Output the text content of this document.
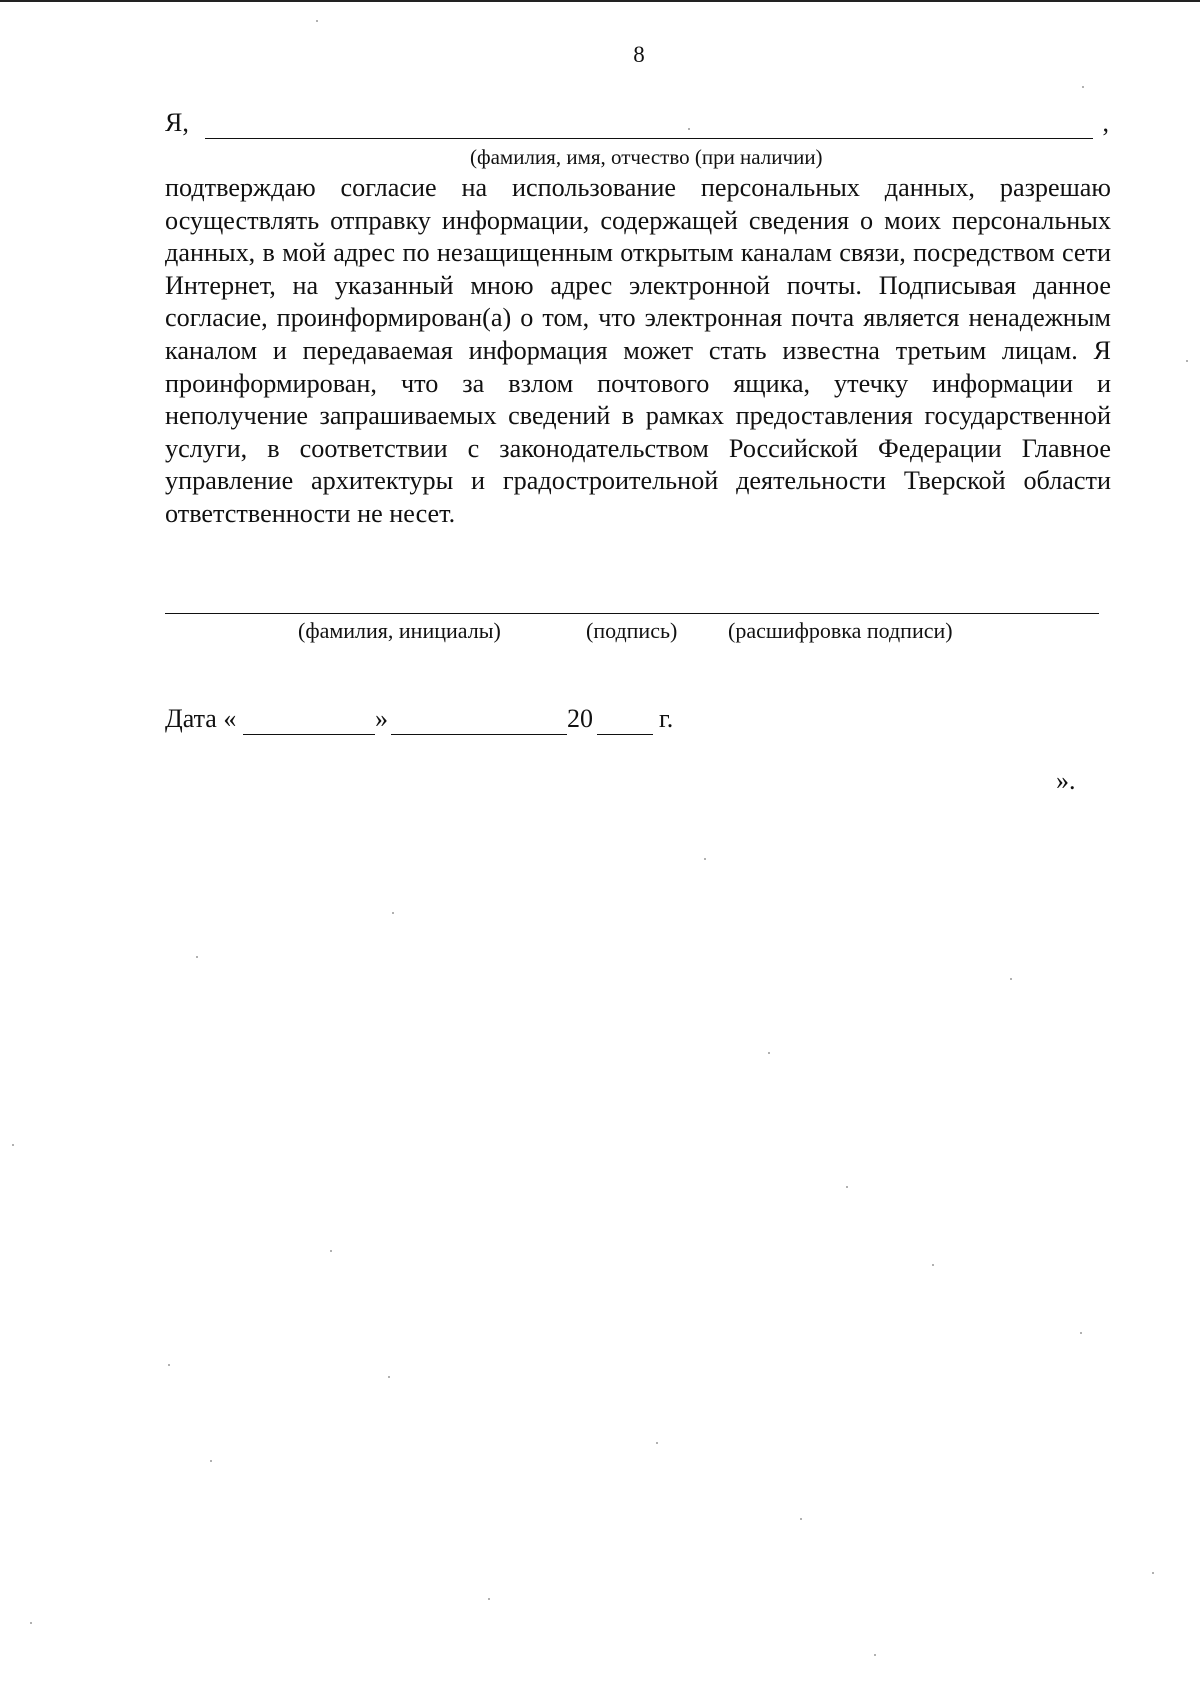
8
Я,	,
(фамилия, имя, отчество (при наличии)

подтверждаю согласие на использование персональных данных, разрешаю осуществлять отправку информации, содержащей сведения о моих персональных данных, в мой адрес по незащищенным открытым каналам связи, посредством сети Интернет, на указанный мною адрес электронной почты. Подписывая данное согласие, проинформирован(а) о том, что электронная почта является ненадежным каналом и передаваемая информация может стать известна третьим лицам. Я проинформирован, что за взлом почтового ящика, утечку информации и неполучение запрашиваемых сведений в рамках предоставления государственной услуги, в соответствии с законодательством Российской Федерации Главное управление архитектуры и градостроительной деятельности Тверской области ответственности не несет.

(фамилия, инициалы)	(подпись) (расшифровка подписи)
Дата «	»	20	г.
».
